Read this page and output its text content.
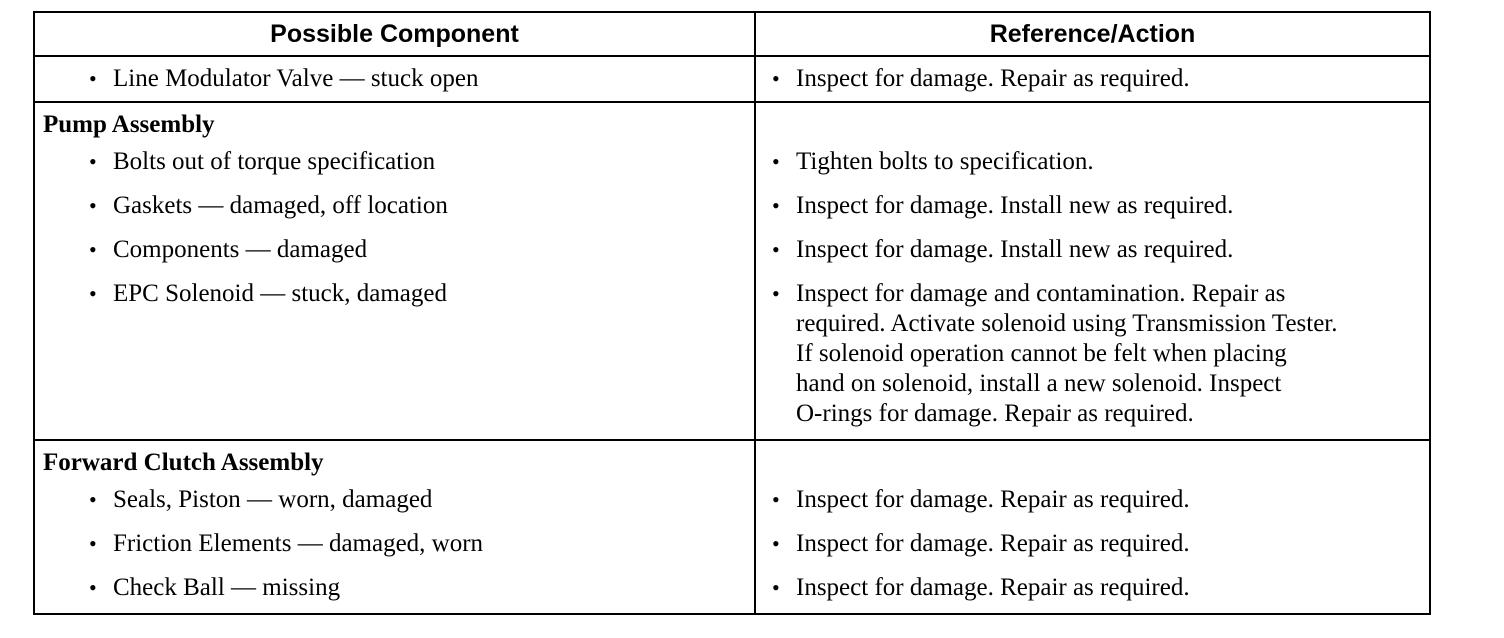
Possible Component	Reference/Action
• Line Modulator Valve — stuck open	• Inspect for damage. Repair as required.
Pump Assembly
• Bolts out of torque specification
• Gaskets — damaged, off location
• Components — damaged
• EPC Solenoid — stuck, damaged
• Tighten bolts to specification.
• Inspect for damage. Install new as required.
• Inspect for damage. Install new as required.
• Inspect for damage and contamination. Repair as
required. Activate solenoid using Transmission Tester.
If solenoid operation cannot be felt when placing
hand on solenoid, install a new solenoid. Inspect
O-rings for damage. Repair as required.
Forward Clutch Assembly
• Seals, Piston — worn, damaged
• Friction Elements — damaged, worn
• Check Ball — missing
• Inspect for damage. Repair as required.
• Inspect for damage. Repair as required.
• Inspect for damage. Repair as required.
